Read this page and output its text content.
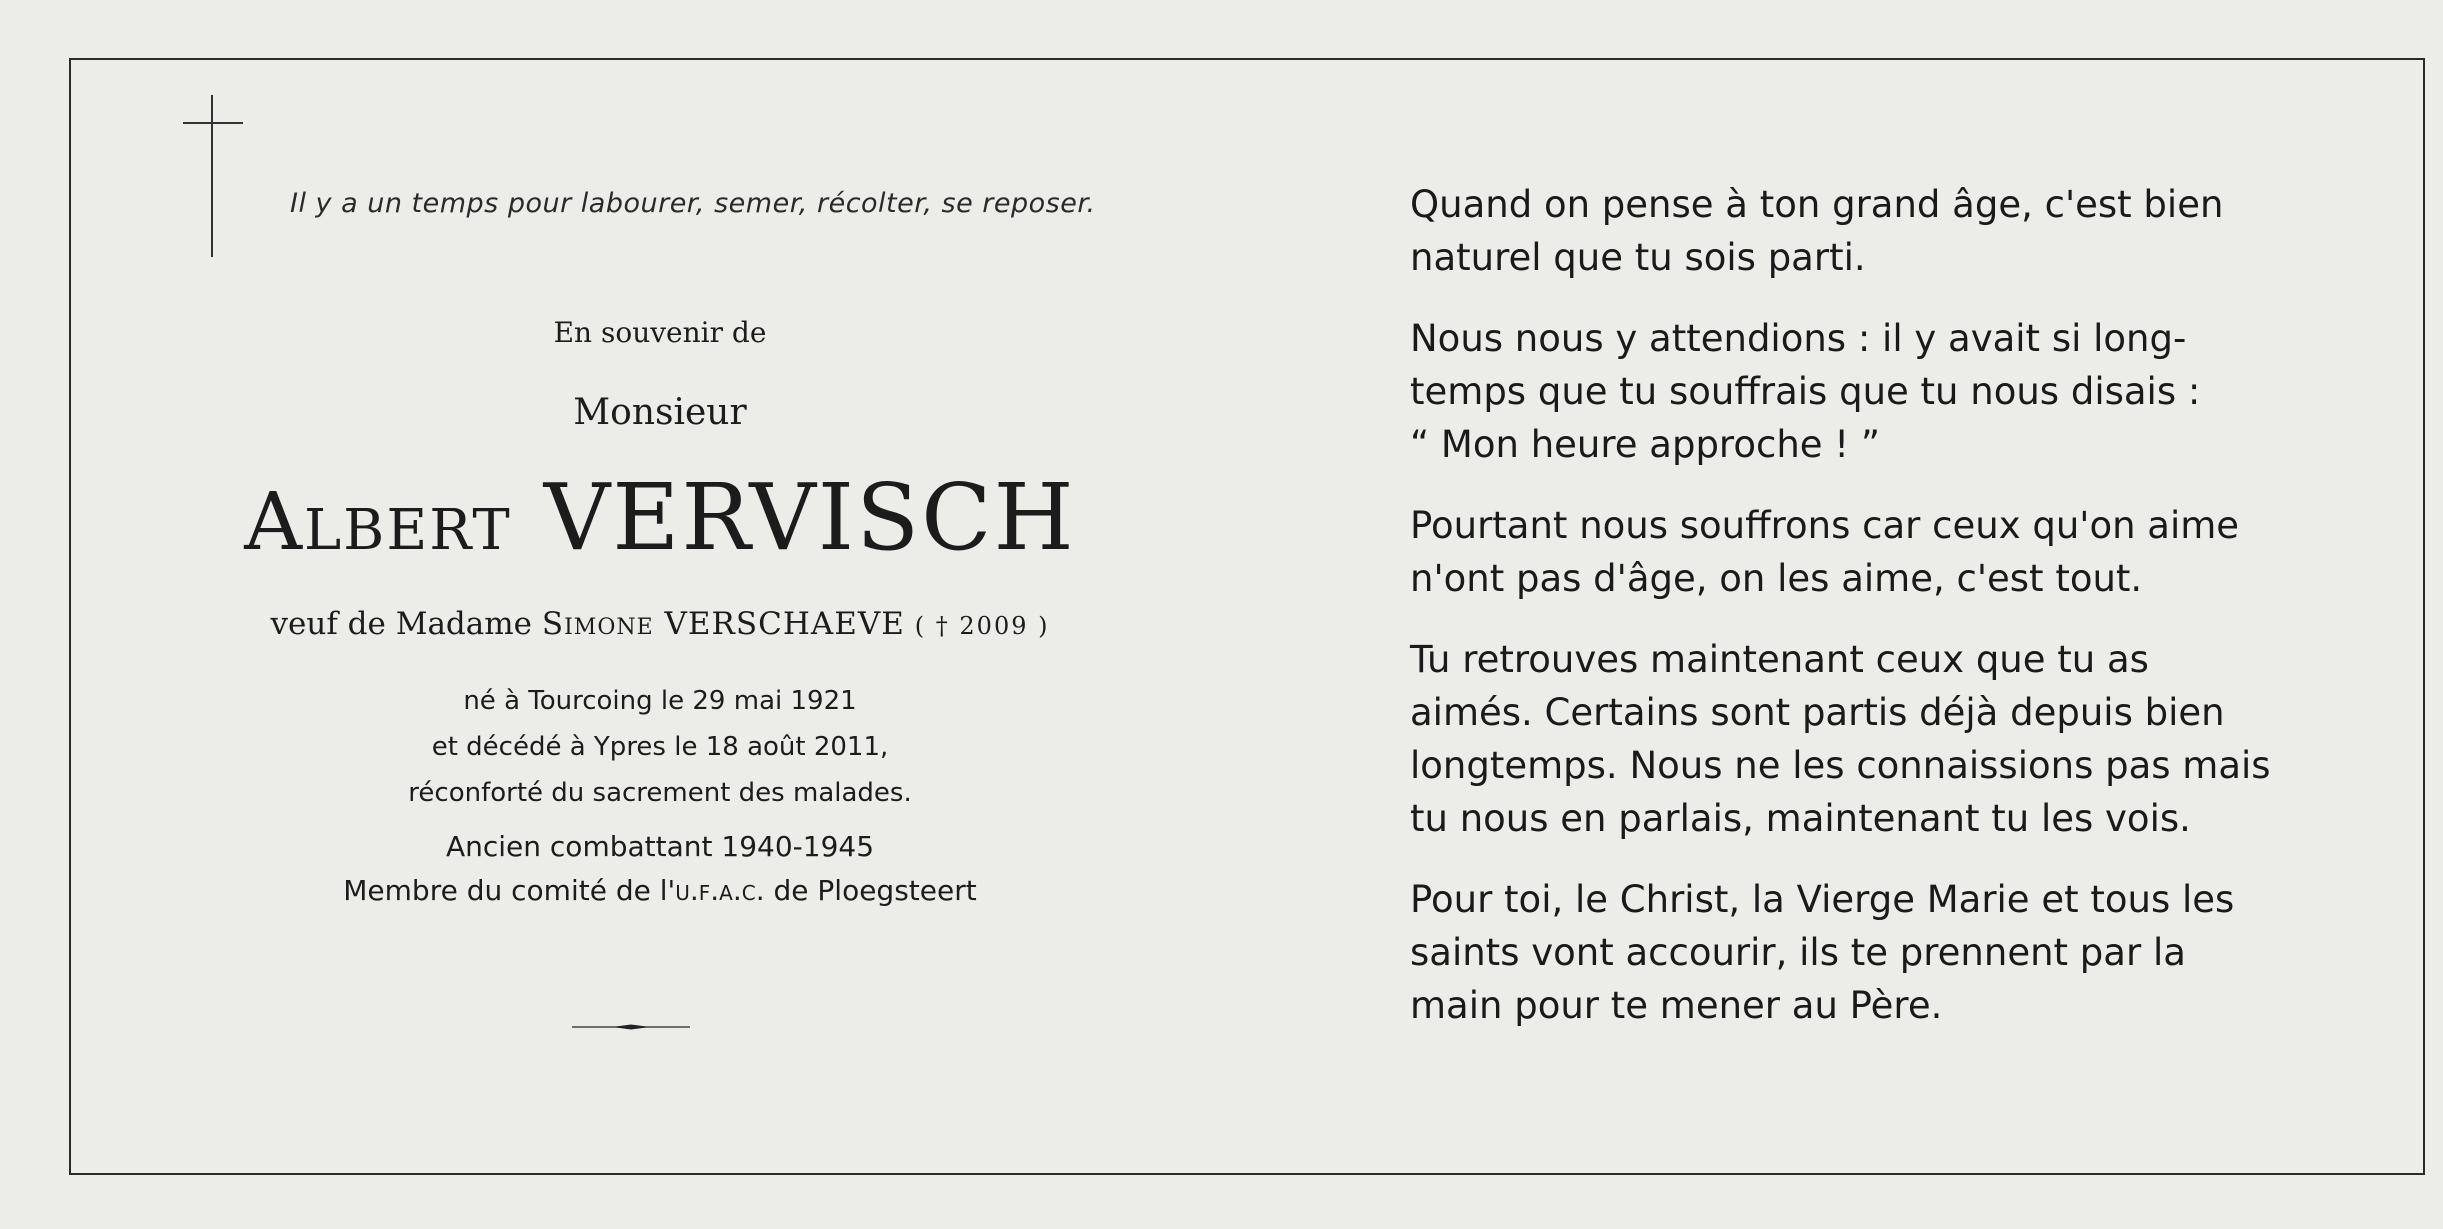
Il y a un temps pour labourer, semer, récolter, se reposer.
En souvenir de
Monsieur
Albert VERVISCH
veuf de Madame Simone VERSCHAEVE ( † 2009 )
né à Tourcoing le 29 mai 1921
et décédé à Ypres le 18 août 2011,
réconforté du sacrement des malades.
Ancien combattant 1940-1945
Membre du comité de l'u.f.a.c. de Ploegsteert

Quand on pense à ton grand âge, c'est bien
naturel que tu sois parti.

Nous nous y attendions : il y avait si long-
temps que tu souffrais que tu nous disais :
“ Mon heure approche ! ”

Pourtant nous souffrons car ceux qu'on aime
n'ont pas d'âge, on les aime, c'est tout.

Tu retrouves maintenant ceux que tu as
aimés. Certains sont partis déjà depuis bien
longtemps. Nous ne les connaissions pas mais
tu nous en parlais, maintenant tu les vois.

Pour toi, le Christ, la Vierge Marie et tous les
saints vont accourir, ils te prennent par la
main pour te mener au Père.
